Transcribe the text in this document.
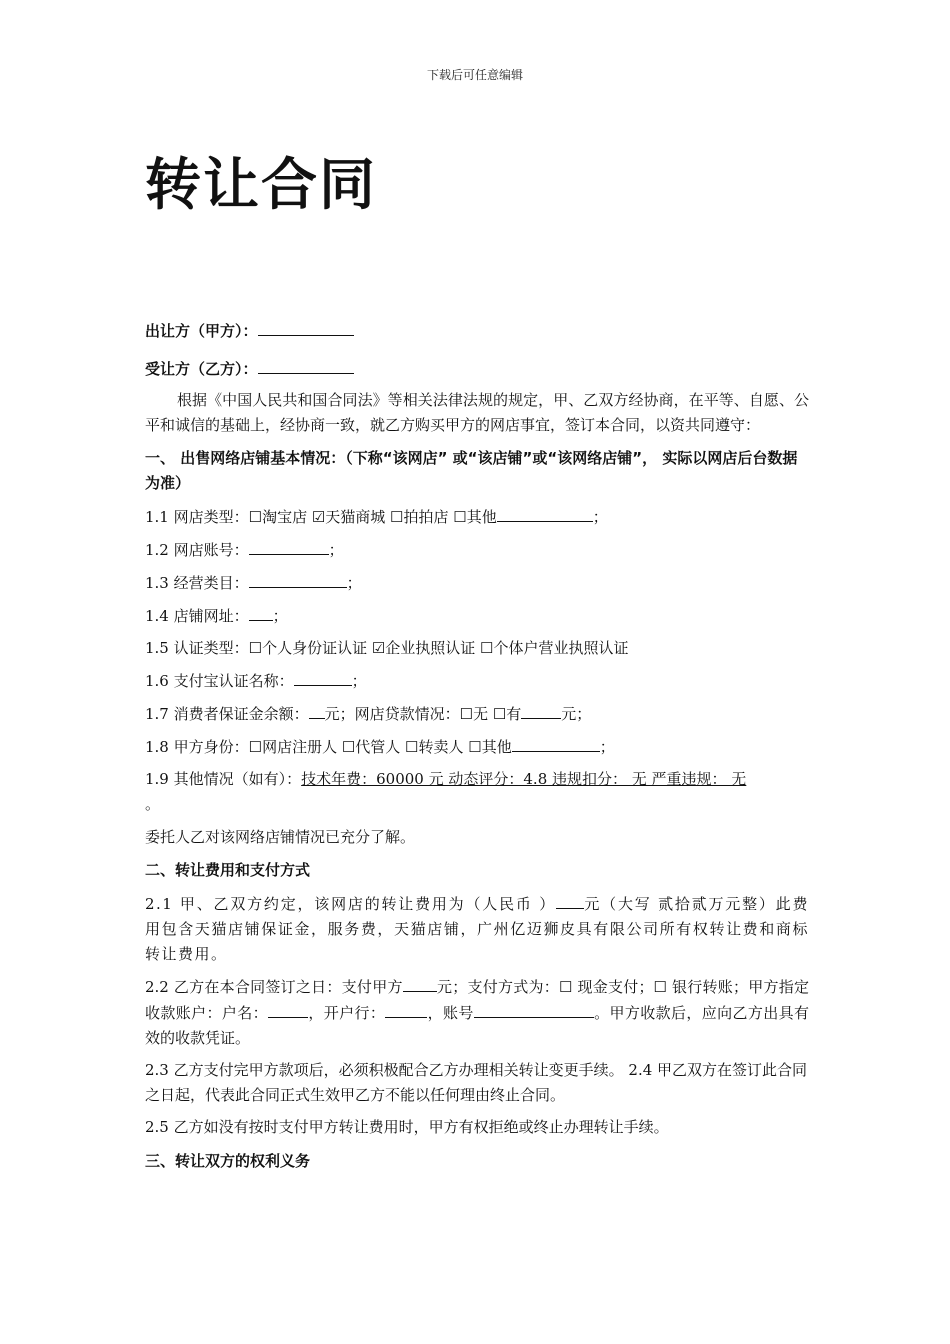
下载后可任意编辑
转让合同

出让方（甲方）：

受让方（乙方）：

根据《中国人民共和国合同法》等相关法律法规的规定，甲、乙双方经协商，在平等、自愿、公平和诚信的基础上，经协商一致，就乙方购买甲方的网店事宜，签订本合同，以资共同遵守：

一、 出售网络店铺基本情况：（下称“该网店” 或“该店铺”或“该网络店铺”， 实际以网店后台数据为准）

1.1 网店类型：☐淘宝店 ☑天猫商城 ☐拍拍店 ☐其他	；

1.2 网店账号：	；

1.3 经营类目：	；

1.4 店铺网址： ；

1.5 认证类型：☐个人身份证认证 ☑企业执照认证 ☐个体户营业执照认证

1.6 支付宝认证名称：	；

1.7 消费者保证金余额： 元；网店贷款情况：☐无 ☐有	元；

1.8 甲方身份：☐网店注册人 ☐代管人 ☐转卖人 ☐其他	；

1.9 其他情况（如有）：技术年费：60000 元 动态评分：4.8 违规扣分： 无 严重违规： 无
。

委托人乙对该网络店铺情况已充分了解。

二、转让费用和支付方式

2.1 甲、乙双方约定，该网店的转让费用为（人民币 ） 元（大写 贰拾贰万元整）此费用包含天猫店铺保证金，服务费，天猫店铺，广州亿迈狮皮具有限公司所有权转让费和商标转让费用。

2.2 乙方在本合同签订之日：支付甲方 元；支付方式为：☐ 现金支付；☐ 银行转账；甲方指定收款账户：户名：	，开户行：	，账号	。甲方收款后，应向乙方出具有效的收款凭证。

2.3 乙方支付完甲方款项后，必须积极配合乙方办理相关转让变更手续。 2.4 甲乙双方在签订此合同之日起，代表此合同正式生效甲乙方不能以任何理由终止合同。

2.5 乙方如没有按时支付甲方转让费用时，甲方有权拒绝或终止办理转让手续。

三、转让双方的权利义务
